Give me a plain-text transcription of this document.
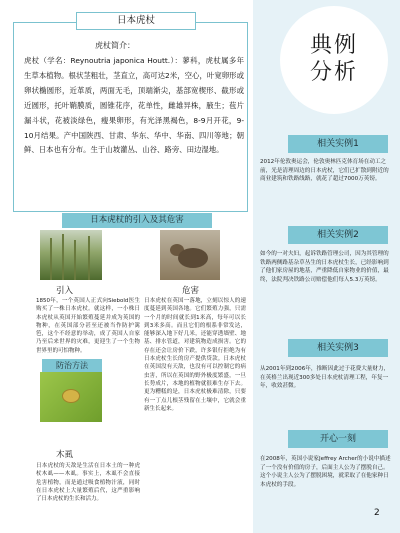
典例
分析
相关实例1
2012年伦敦奥运会，伦敦奥林匹克体育场在动工之前，光是清理周边的日本虎杖，它们已扩散到附近的商业建筑和铁路线路，就花了超过7000万英镑。
相关实例2
如今的一对夫妇，起诉铁路管理公司，因为其管理的铁路两侧路基杂草丛生的日本虎杖生长，已经影响到了他们家房屋的地基，严重降低自家物业的价值，最终，法院判决铁路公司赔偿他们每人5.3万英镑。
相关实例3
从2001年到2006年，推断因此过于花费大量财力，在英格兰出现近300多处日本虎杖清理工程，年复一年，收效甚微。
开心一刻
在2008年，英国小说家Jeffrey Archer的小说中描述了一个没有价值的房子，后面主人公为了摆脱自己。这个小说主人公为了摆脱困境，就采取了在他家种日本虎杖的手段。
日本虎杖
虎杖简介：
虎杖（学名：Reynoutria japonica Houtt.）：蓼科，虎杖属多年生草本植物。根状茎粗壮，茎直立，高可达2米，空心，叶宽卵形或卵状椭圆形，近革质，两面无毛，顶端渐尖，基部宽楔形、截形或近圆形，托叶鞘膜质，圆锥花序，花单性，雌雄异株，腋生；苞片漏斗状，花被淡绿色，瘦果卵形，有光泽黑褐色，8-9月开花，9-10月结果。产中国陕西、甘肃、华东、华中、华南、四川等地；朝鲜、日本也有分布。生于山坡灌丛、山谷、路旁、田边湿地。
日本虎杖的引入及其危害
引入	危害
1850年，一个英国人正式向Siebold医生购买了一株日本虎杖。就这样，一小株日本虎杖从英国开始繁殖蔓延并成为英国的物种，在英国部分甚至还被当作防护篱笆，这个不经意的举动，成了英国人自家乃至后来世界的灾难，更迎生了一个生物世界里的可怕物种。
日本虎杖在英国一落地，立刻以惊人的速度蔓延到英国各地。它们繁殖力强，只需一个月的时间就长到1米高，每年可以长到3米多高。而且它们的根系非常发达，能够深入地下好几米，还能穿透墙壁、地基、排水管道，对建筑物造成损害。它的存在还会让房价下跌，许多银行拒绝为有日本虎杖生长的房产提供贷款。日本虎杖在英国没有天敌，也没有可以控制它的病虫害，所以在英国的野外极度繁盛，一旦长势成片，本地的植物就很难生存下去。更为糟糕的是，日本虎杖极难清除，只要有一丁点儿根茎残留在土壤中，它就会重新生长起来。
防治方法
木虱
日本虎杖的天敌是生活在日本土的一种虎杖木虱——木虱。事实上，木虱不会直接危害植物，而是通过吸食植物汁液，同时在日本虎杖上大量繁殖后代，这严重影响了日本虎杖的生长和活力。
2
